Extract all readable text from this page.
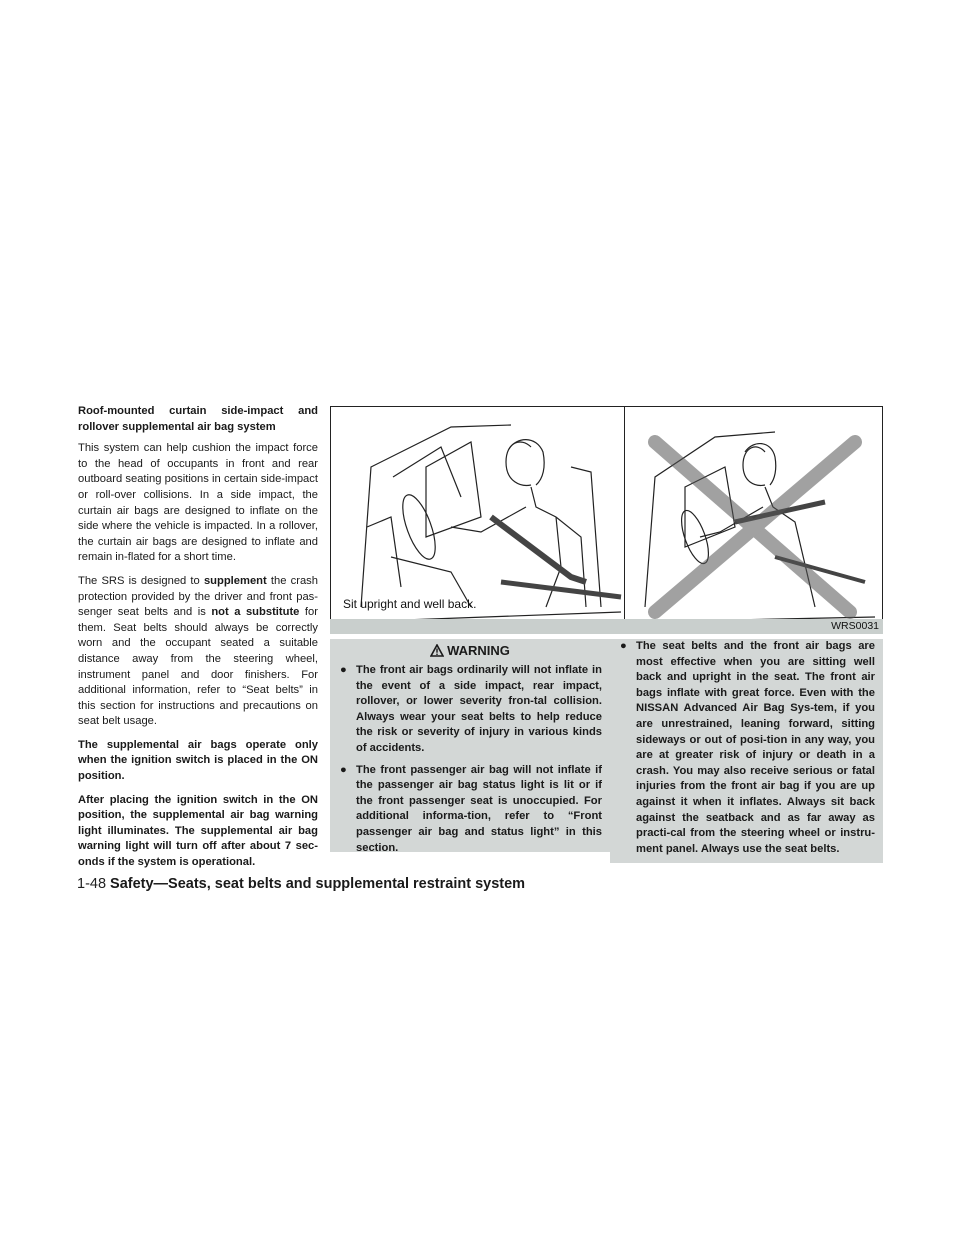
Roof-mounted curtain side-impact and rollover supplemental air bag system

This system can help cushion the impact force to the head of occupants in front and rear outboard seating positions in certain side-impact or roll-over collisions. In a side impact, the curtain air bags are designed to inflate on the side where the vehicle is impacted. In a rollover, the curtain air bags are designed to inflate and remain in-flated for a short time.

The SRS is designed to supplement the crash protection provided by the driver and front pas-senger seat belts and is not a substitute for them. Seat belts should always be correctly worn and the occupant seated a suitable distance away from the steering wheel, instrument panel and door finishers. For additional information, refer to “Seat belts” in this section for instructions and precautions on seat belt usage.

The supplemental air bags operate only when the ignition switch is placed in the ON position.

After placing the ignition switch in the ON position, the supplemental air bag warning light illuminates. The supplemental air bag warning light will turn off after about 7 sec-onds if the system is operational.

Sit upright and well back.
WRS0031
WARNING
● The front air bags ordinarily will not inflate in the event of a side impact, rear impact, rollover, or lower severity fron-tal collision. Always wear your seat belts to help reduce the risk or severity of injury in various kinds of accidents.
● The front passenger air bag will not inflate if the passenger air bag status light is lit or if the front passenger seat is unoccupied. For additional informa-tion, refer to “Front passenger air bag and status light” in this section.
● The seat belts and the front air bags are most effective when you are sitting well back and upright in the seat. The front air bags inflate with great force. Even with the NISSAN Advanced Air Bag Sys-tem, if you are unrestrained, leaning forward, sitting sideways or out of posi-tion in any way, you are at greater risk of injury or death in a crash. You may also receive serious or fatal injuries from the front air bag if you are up against it when it inflates. Always sit back against the seatback and as far away as practi-cal from the steering wheel or instru-ment panel. Always use the seat belts.
1-48 Safety—Seats, seat belts and supplemental restraint system
